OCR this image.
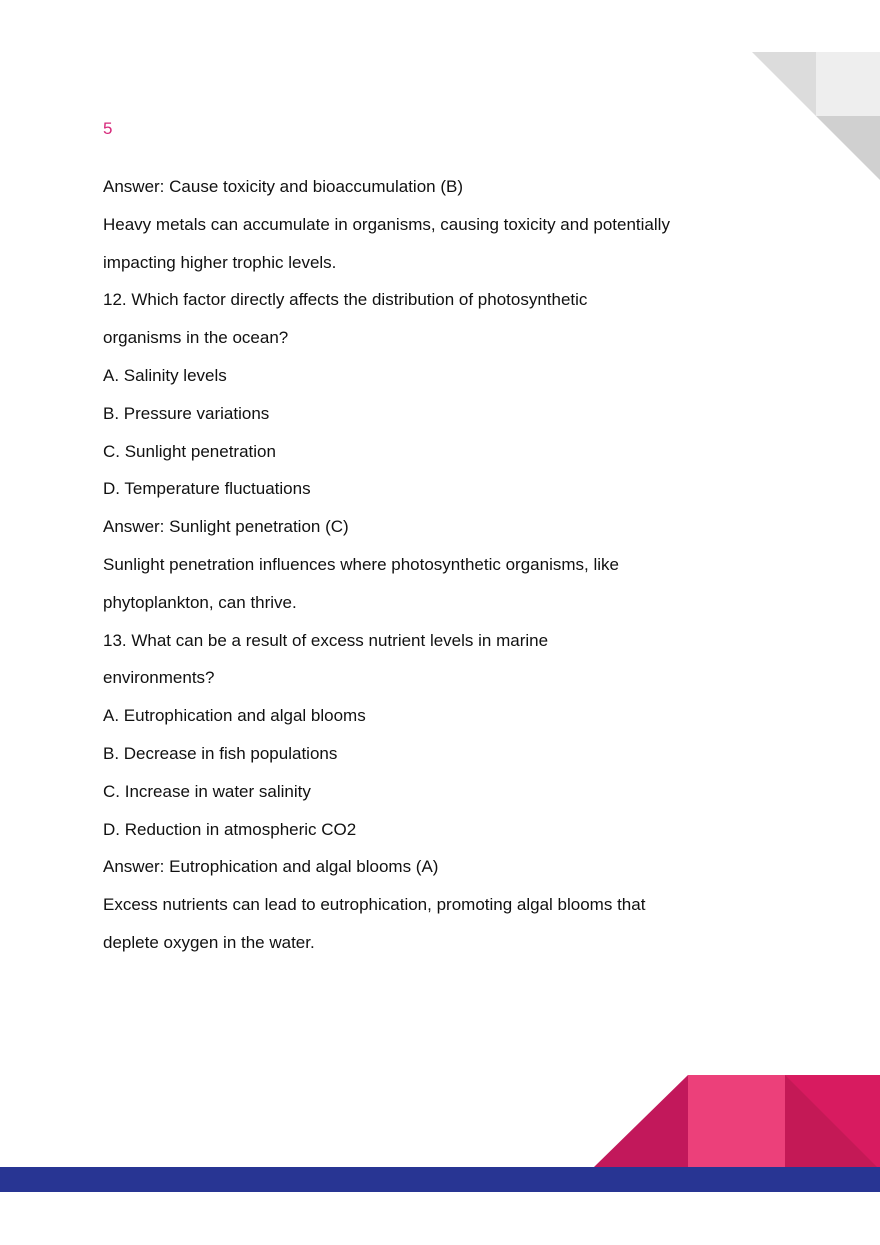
5

Answer: Cause toxicity and bioaccumulation (B)

Heavy metals can accumulate in organisms, causing toxicity and potentially

impacting higher trophic levels.

12. Which factor directly affects the distribution of photosynthetic

organisms in the ocean?

A. Salinity levels

B. Pressure variations

C. Sunlight penetration

D. Temperature fluctuations

Answer: Sunlight penetration (C)

Sunlight penetration influences where photosynthetic organisms, like

phytoplankton, can thrive.

13. What can be a result of excess nutrient levels in marine

environments?

A. Eutrophication and algal blooms

B. Decrease in fish populations

C. Increase in water salinity

D. Reduction in atmospheric CO2

Answer: Eutrophication and algal blooms (A)

Excess nutrients can lead to eutrophication, promoting algal blooms that

deplete oxygen in the water.
